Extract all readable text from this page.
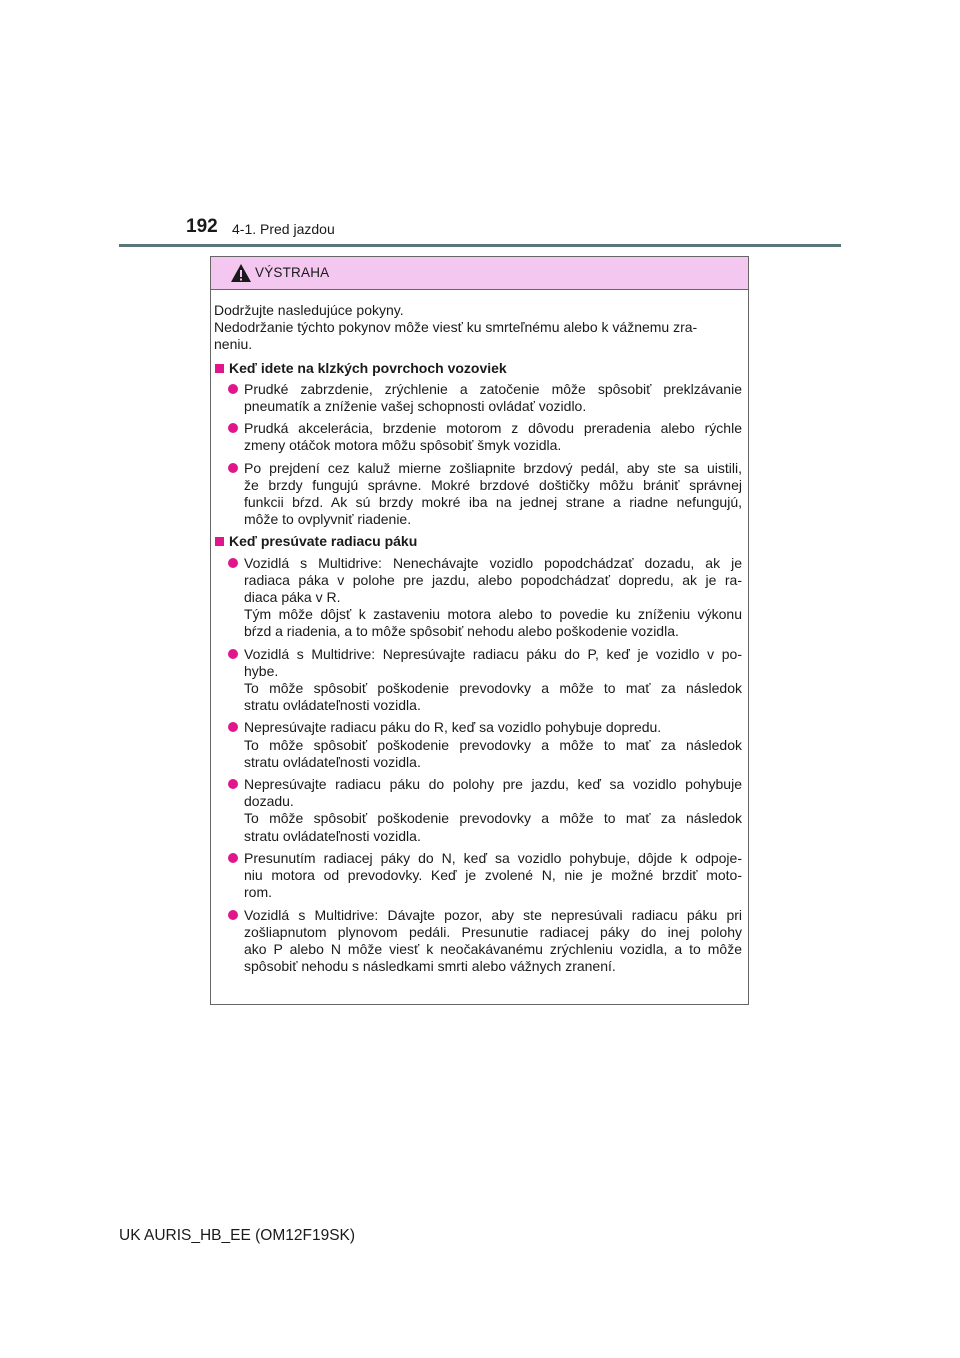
192 4-1. Pred jazdou
VÝSTRAHA
Dodržujte nasledujúce pokyny.
Nedodržanie týchto pokynov môže viesť ku smrteľnému alebo k vážnemu zra-
neniu.
Keď idete na klzkých povrchoch vozoviek
Prudké zabrzdenie, zrýchlenie a zatočenie môže spôsobiť preklzávanie
pneumatík a zníženie vašej schopnosti ovládať vozidlo.
Prudká akcelerácia, brzdenie motorom z dôvodu preradenia alebo rýchle
zmeny otáčok motora môžu spôsobiť šmyk vozidla.
Po prejdení cez kaluž mierne zošliapnite brzdový pedál, aby ste sa uistili,
že brzdy fungujú správne. Mokré brzdové doštičky môžu brániť správnej
funkcii bŕzd. Ak sú brzdy mokré iba na jednej strane a riadne nefungujú,
môže to ovplyvniť riadenie.
Keď presúvate radiacu páku
Vozidlá s Multidrive: Nenechávajte vozidlo popodchádzať dozadu, ak je
radiaca páka v polohe pre jazdu, alebo popodchádzať dopredu, ak je ra-
diaca páka v R.
Tým môže dôjsť k zastaveniu motora alebo to povedie ku zníženiu výkonu
bŕzd a riadenia, a to môže spôsobiť nehodu alebo poškodenie vozidla.
Vozidlá s Multidrive: Nepresúvajte radiacu páku do P, keď je vozidlo v po-
hybe.
To môže spôsobiť poškodenie prevodovky a môže to mať za následok
stratu ovládateľnosti vozidla.
Nepresúvajte radiacu páku do R, keď sa vozidlo pohybuje dopredu.
To môže spôsobiť poškodenie prevodovky a môže to mať za následok
stratu ovládateľnosti vozidla.
Nepresúvajte radiacu páku do polohy pre jazdu, keď sa vozidlo pohybuje
dozadu.
To môže spôsobiť poškodenie prevodovky a môže to mať za následok
stratu ovládateľnosti vozidla.
Presunutím radiacej páky do N, keď sa vozidlo pohybuje, dôjde k odpoje-
niu motora od prevodovky. Keď je zvolené N, nie je možné brzdiť moto-
rom.
Vozidlá s Multidrive: Dávajte pozor, aby ste nepresúvali radiacu páku pri
zošliapnutom plynovom pedáli. Presunutie radiacej páky do inej polohy
ako P alebo N môže viesť k neočakávanému zrýchleniu vozidla, a to môže
spôsobiť nehodu s následkami smrti alebo vážnych zranení.
UK AURIS_HB_EE (OM12F19SK)
